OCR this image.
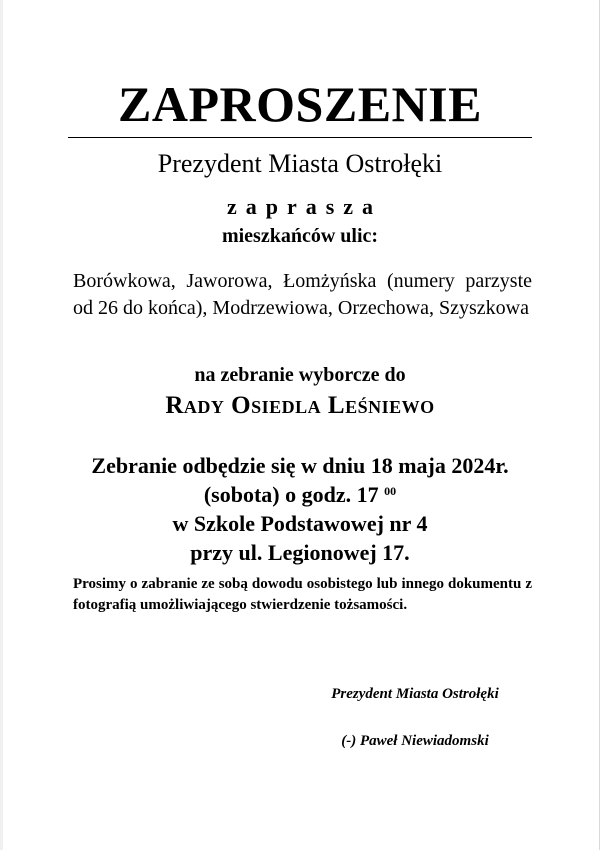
ZAPROSZENIE
Prezydent Miasta Ostrołęki
zaprasza
mieszkańców ulic:
Borówkowa, Jaworowa, Łomżyńska (numery parzyste od 26 do końca), Modrzewiowa, Orzechowa, Szyszkowa
na zebranie wyborcze do
Rady Osiedla Leśniewo
Zebranie odbędzie się w dniu 18 maja 2024r.
(sobota) o godz. 17 $^{00}$
w Szkole Podstawowej nr 4
przy ul. Legionowej 17.
Prosimy o zabranie ze sobą dowodu osobistego lub innego dokumentu z fotografią umożliwiającego stwierdzenie tożsamości.
Prezydent Miasta Ostrołęki
(-) Paweł Niewiadomski
